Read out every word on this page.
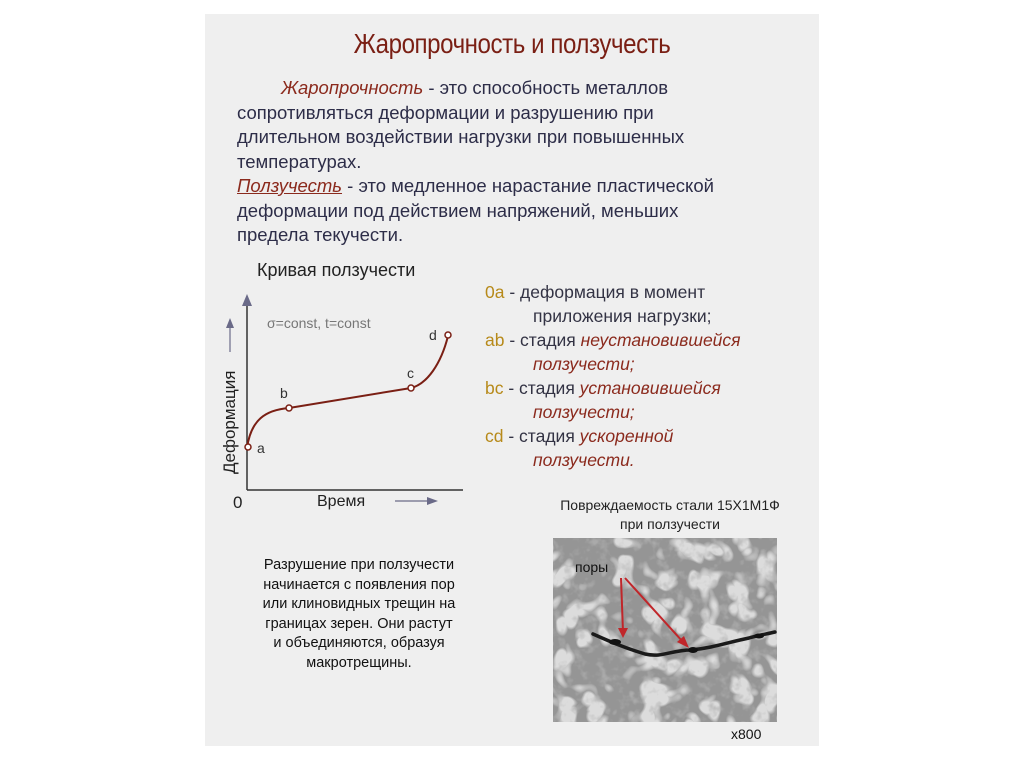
Жаропрочность и ползучесть

Жаропрочность - это способность металлов

сопротивляться деформации и разрушению при

длительном воздействии нагрузки при повышенных

температурах.

Ползучесть - это медленное нарастание пластической

деформации под действием напряжений, меньших

предела текучести.

Кривая ползучести
0
Деформация
Время
σ=const, t=const
a
b
c
d

0a - деформация в момент

приложения нагрузки;

ab - стадия неустановившейся

ползучести;

bc - стадия установившейся

ползучести;

cd - стадия ускоренной

ползучести.

Повреждаемость стали 15Х1М1Ф
при ползучести
Разрушение при ползучести
начинается с появления пор
или клиновидных трещин на
границах зерен. Они растут
и объединяются, образуя
макротрещины.
поры
х800
